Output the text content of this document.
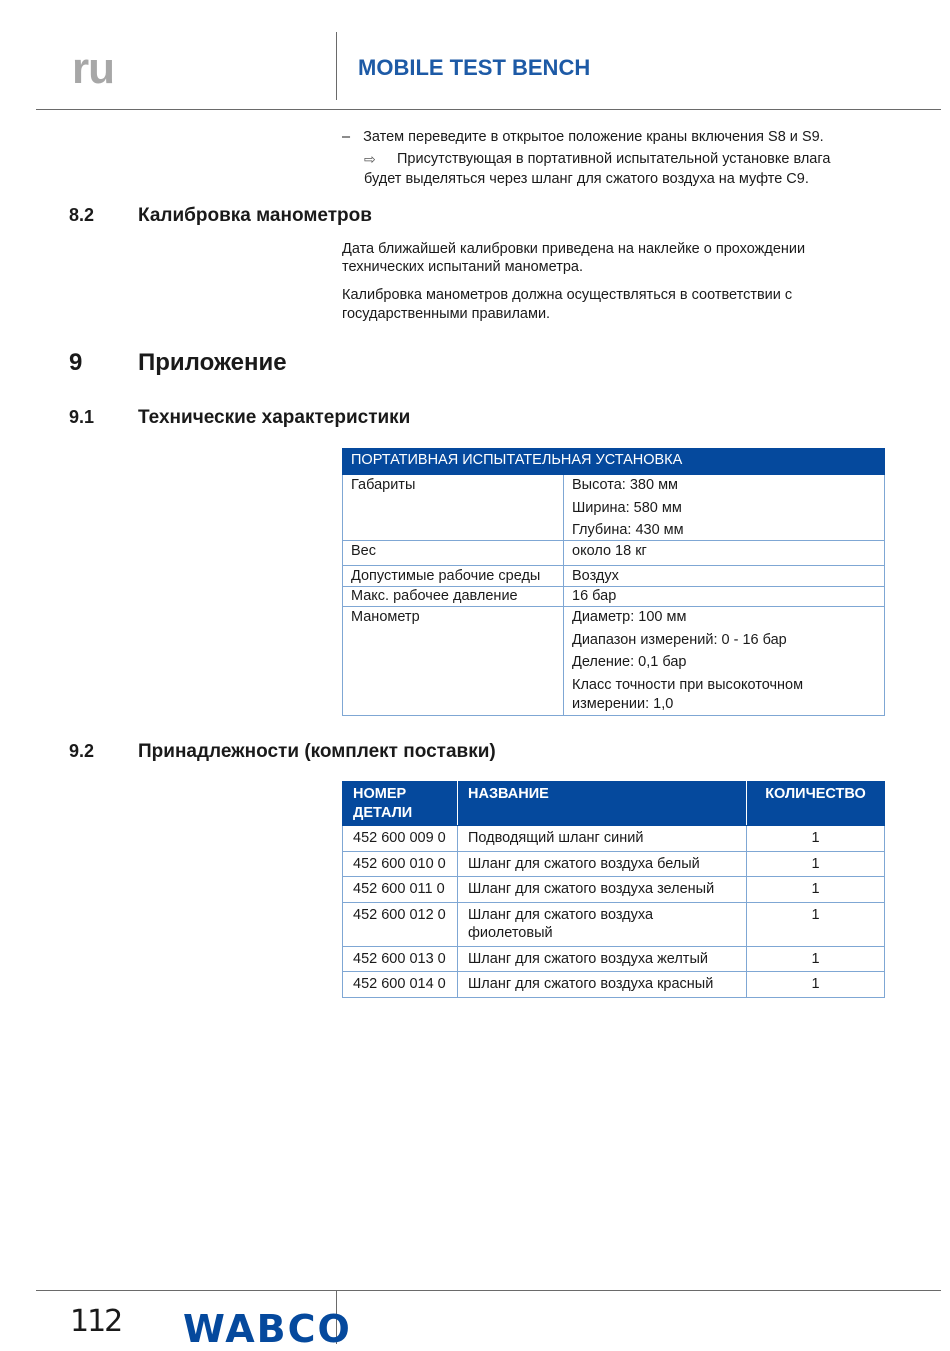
ru	MOBILE TEST BENCH
– Затем переведите в открытое положение краны включения S8 и S9.
⇨ Присутствующая в портативной испытательной установке влага
будет выделяться через шланг для сжатого воздуха на муфте C9.
8.2 Калибровка манометров
Дата ближайшей калибровки приведена на наклейке о прохождении
технических испытаний манометра.
Калибровка манометров должна осуществляться в соответствии с
государственными правилами.
9 Приложение
9.1 Технические характеристики
ПОРТАТИВНАЯ ИСПЫТАТЕЛЬНАЯ УСТАНОВКА	
Габариты	Высота: 380 мм
Ширина: 580 мм
Глубина: 430 мм

Вес	около 18 кг
Допустимые рабочие среды	Воздух
Макс. рабочее давление	16 бар
Манометр	Диаметр: 100 мм
Диапазон измерений: 0 - 16 бар
Деление: 0,1 бар
Класс точности при высокоточном измерении: 1,0
9.2 Принадлежности (комплект поставки)
НОМЕР ДЕТАЛИ	НАЗВАНИЕ	КОЛИЧЕСТВО
452 600 009 0	Подводящий шланг синий	1
452 600 010 0	Шланг для сжатого воздуха белый	1
452 600 011 0	Шланг для сжатого воздуха зеленый	1
452 600 012 0	Шланг для сжатого воздуха фиолетовый	1
452 600 013 0	Шланг для сжатого воздуха желтый	1
452 600 014 0	Шланг для сжатого воздуха красный	1
112 WABCO
